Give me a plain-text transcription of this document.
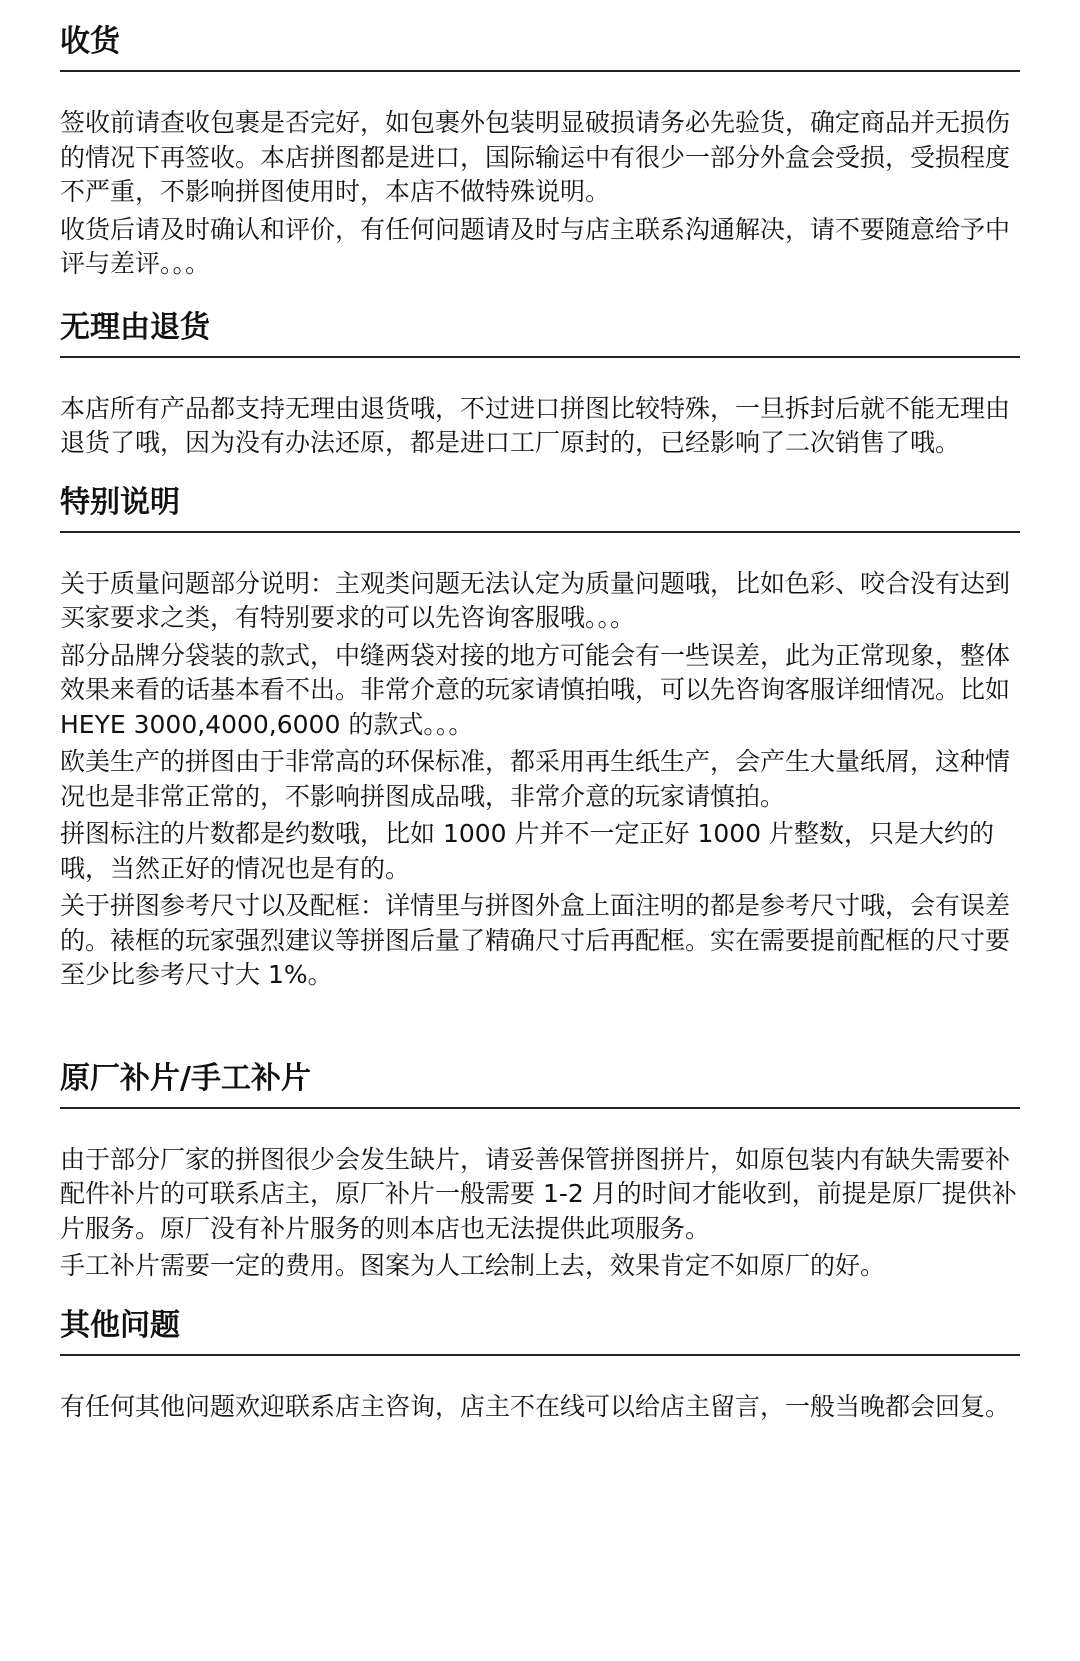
收货

签收前请查收包裹是否完好，如包裹外包装明显破损请务必先验货，确定商品并无损伤的情况下再签收。本店拼图都是进口，国际输运中有很少一部分外盒会受损，受损程度不严重，不影响拼图使用时，本店不做特殊说明。

收货后请及时确认和评价，有任何问题请及时与店主联系沟通解决，请不要随意给予中评与差评。。。

无理由退货

本店所有产品都支持无理由退货哦，不过进口拼图比较特殊，一旦拆封后就不能无理由退货了哦，因为没有办法还原，都是进口工厂原封的，已经影响了二次销售了哦。

特别说明

关于质量问题部分说明：主观类问题无法认定为质量问题哦，比如色彩、咬合没有达到买家要求之类，有特别要求的可以先咨询客服哦。。。

部分品牌分袋装的款式，中缝两袋对接的地方可能会有一些误差，此为正常现象，整体效果来看的话基本看不出。非常介意的玩家请慎拍哦，可以先咨询客服详细情况。比如 HEYE 3000,4000,6000 的款式。。。

欧美生产的拼图由于非常高的环保标准，都采用再生纸生产，会产生大量纸屑，这种情况也是非常正常的，不影响拼图成品哦，非常介意的玩家请慎拍。

拼图标注的片数都是约数哦，比如 1000 片并不一定正好 1000 片整数，只是大约的哦，当然正好的情况也是有的。

关于拼图参考尺寸以及配框：详情里与拼图外盒上面注明的都是参考尺寸哦，会有误差的。裱框的玩家强烈建议等拼图后量了精确尺寸后再配框。实在需要提前配框的尺寸要至少比参考尺寸大 1%。

原厂补片/手工补片

由于部分厂家的拼图很少会发生缺片，请妥善保管拼图拼片，如原包装内有缺失需要补配件补片的可联系店主，原厂补片一般需要 1-2 月的时间才能收到，前提是原厂提供补片服务。原厂没有补片服务的则本店也无法提供此项服务。

手工补片需要一定的费用。图案为人工绘制上去，效果肯定不如原厂的好。

其他问题

有任何其他问题欢迎联系店主咨询，店主不在线可以给店主留言，一般当晚都会回复。
